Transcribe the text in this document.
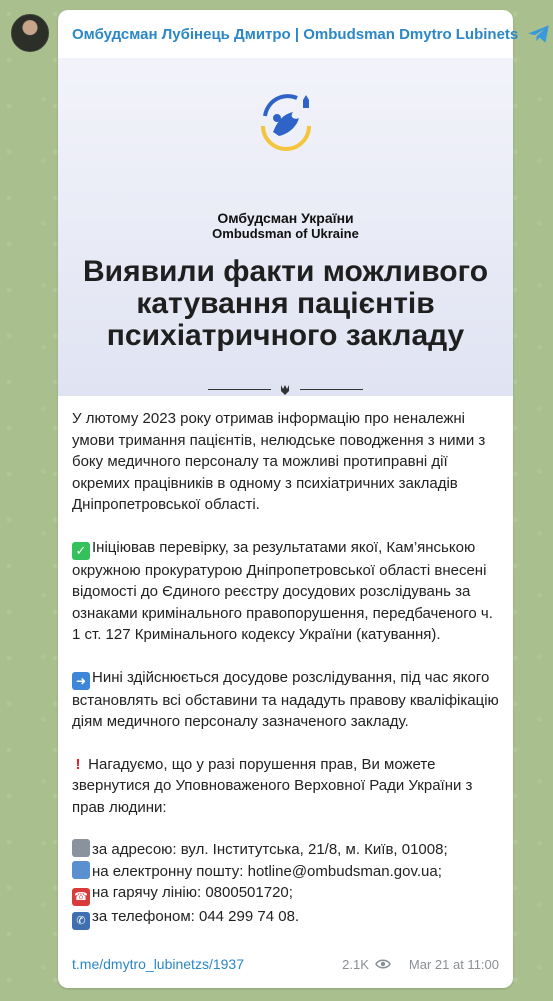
Омбудсман Лубінець Дмитро | Ombudsman Dmytro Lubinets
Омбудсман України
Ombudsman of Ukraine
Виявили факти можливого катування пацієнтів психіатричного закладу

У лютому 2023 року отримав інформацію про неналежні умови тримання пацієнтів, нелюдське поводження з ними з боку медичного персоналу та можливі протиправні дії окремих працівників в одному з психіатричних закладів Дніпропетровської області.

✓ Ініціював перевірку, за результатами якої, Кам’янською окружною прокуратурою Дніпропетровської області внесені відомості до Єдиного реєстру досудових розслідувань за ознаками кримінального правопорушення, передбаченого ч. 1 ст. 127 Кримінального кодексу України (катування).

➜ Нині здійснюється досудове розслідування, під час якого встановлять всі обставини та нададуть правову кваліфікацію діям медичного персоналу зазначеного закладу.

! Нагадуємо, що у разі порушення прав, Ви можете звернутися до Уповноваженого Верховної Ради України з прав людини:

за адресою: вул. Інститутська, 21/8, м. Київ, 01008;

на електронну пошту: hotline@ombudsman.gov.ua;

☎ на гарячу лінію: 0800501720;

✆ за телефоном: 044 299 74 08.

t.me/dmytro_lubinetzs/1937	2.1K	Mar 21 at 11:00
